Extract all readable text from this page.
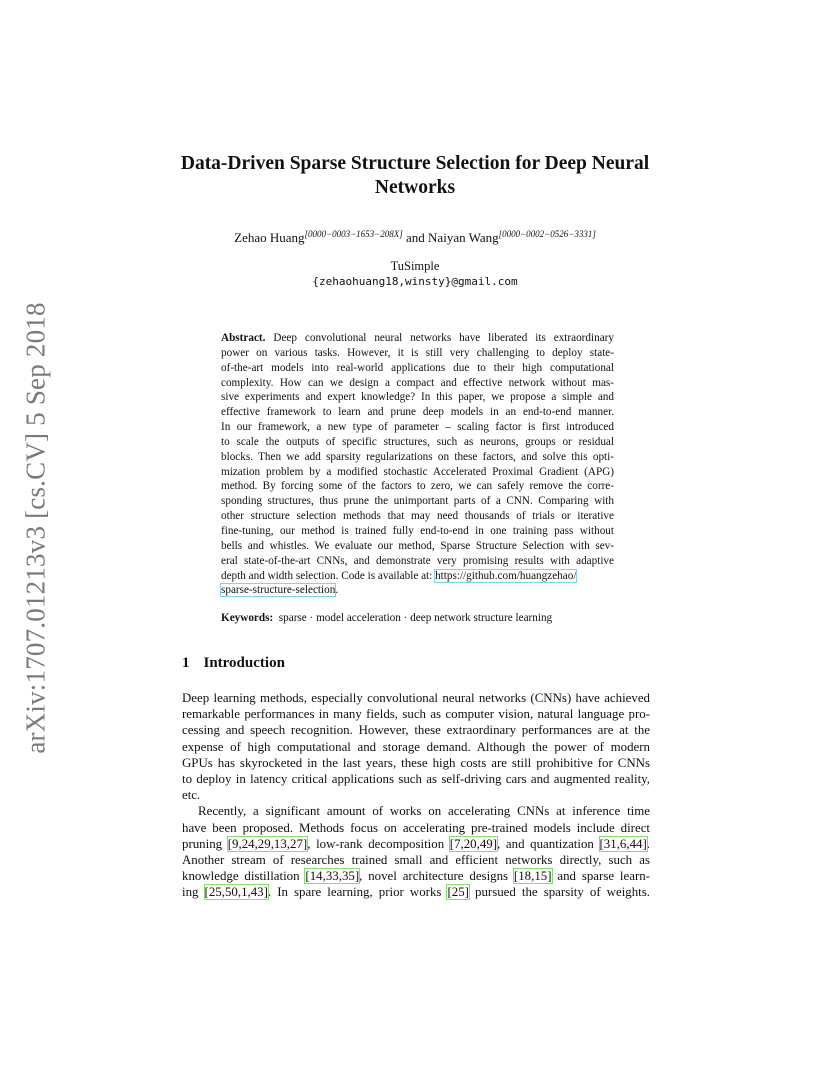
arXiv:1707.01213v3 [cs.CV] 5 Sep 2018
Data-Driven Sparse Structure Selection for Deep Neural
Networks
Zehao Huang[0000−0003−1653−208X] and Naiyan Wang[0000−0002−0526−3331]
TuSimple
{zehaohuang18,winsty}@gmail.com
Abstract. Deep convolutional neural networks have liberated its extraordinary
power on various tasks. However, it is still very challenging to deploy state-
of-the-art models into real-world applications due to their high computational
complexity. How can we design a compact and effective network without mas-
sive experiments and expert knowledge? In this paper, we propose a simple and
effective framework to learn and prune deep models in an end-to-end manner.
In our framework, a new type of parameter – scaling factor is first introduced
to scale the outputs of specific structures, such as neurons, groups or residual
blocks. Then we add sparsity regularizations on these factors, and solve this opti-
mization problem by a modified stochastic Accelerated Proximal Gradient (APG)
method. By forcing some of the factors to zero, we can safely remove the corre-
sponding structures, thus prune the unimportant parts of a CNN. Comparing with
other structure selection methods that may need thousands of trials or iterative
fine-tuning, our method is trained fully end-to-end in one training pass without
bells and whistles. We evaluate our method, Sparse Structure Selection with sev-
eral state-of-the-art CNNs, and demonstrate very promising results with adaptive
depth and width selection. Code is available at: https://github.com/huangzehao/
sparse-structure-selection.
Keywords: sparse · model acceleration · deep network structure learning
1 Introduction
Deep learning methods, especially convolutional neural networks (CNNs) have achieved
remarkable performances in many fields, such as computer vision, natural language pro-
cessing and speech recognition. However, these extraordinary performances are at the
expense of high computational and storage demand. Although the power of modern
GPUs has skyrocketed in the last years, these high costs are still prohibitive for CNNs
to deploy in latency critical applications such as self-driving cars and augmented reality,
etc.
Recently, a significant amount of works on accelerating CNNs at inference time
have been proposed. Methods focus on accelerating pre-trained models include direct
pruning [9,24,29,13,27], low-rank decomposition [7,20,49], and quantization [31,6,44].
Another stream of researches trained small and efficient networks directly, such as
knowledge distillation [14,33,35], novel architecture designs [18,15] and sparse learn-
ing [25,50,1,43]. In spare learning, prior works [25] pursued the sparsity of weights.
